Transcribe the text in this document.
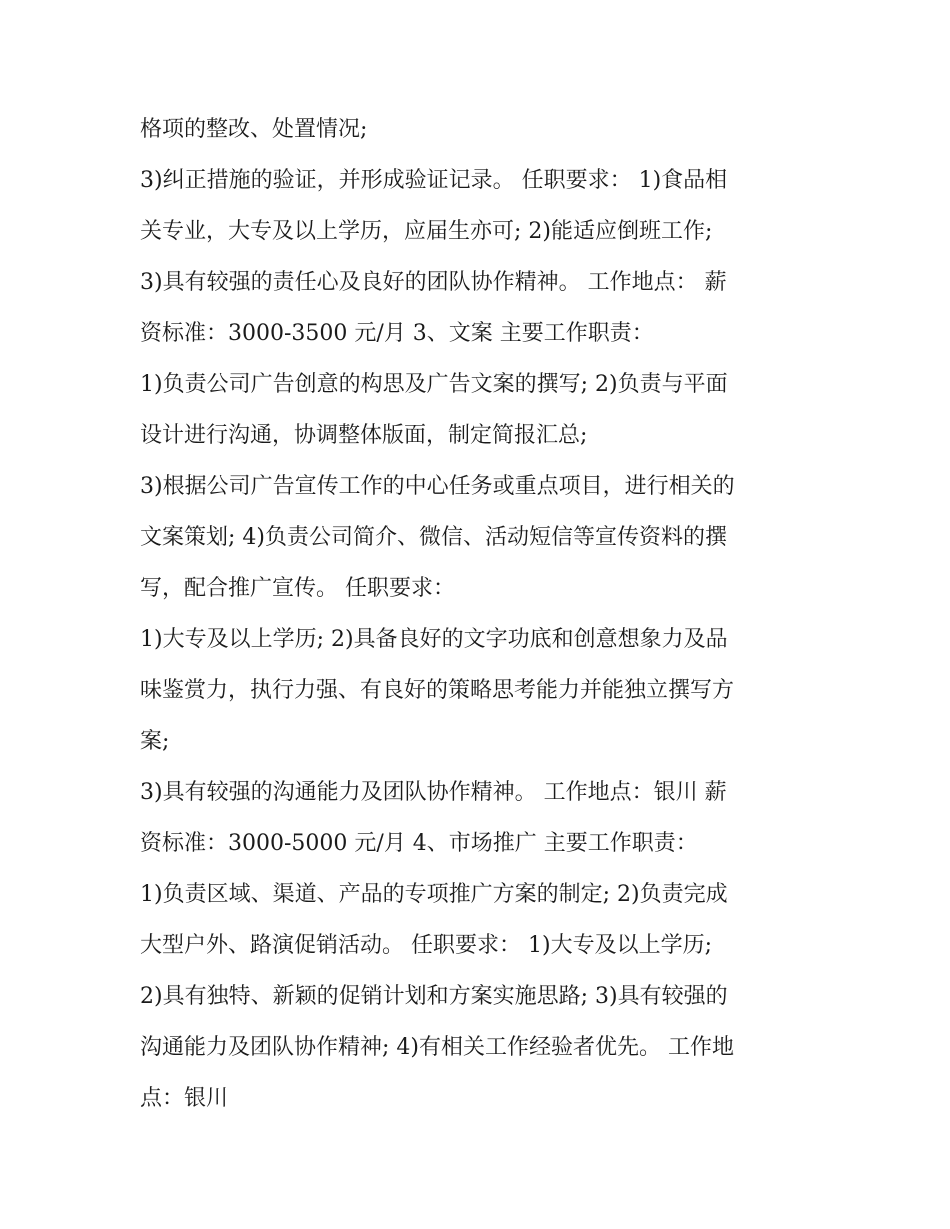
格项的整改、处置情况;
3)纠正措施的验证，并形成验证记录。 任职要求： 1)食品相
关专业，大专及以上学历，应届生亦可; 2)能适应倒班工作;
3)具有较强的责任心及良好的团队协作精神。 工作地点： 薪
资标准：3000-3500 元/月 3、文案 主要工作职责：
1)负责公司广告创意的构思及广告文案的撰写; 2)负责与平面
设计进行沟通，协调整体版面，制定简报汇总;
3)根据公司广告宣传工作的中心任务或重点项目，进行相关的
文案策划; 4)负责公司简介、微信、活动短信等宣传资料的撰
写，配合推广宣传。 任职要求：
1)大专及以上学历; 2)具备良好的文字功底和创意想象力及品
味鉴赏力，执行力强、有良好的策略思考能力并能独立撰写方
案;
3)具有较强的沟通能力及团队协作精神。 工作地点：银川 薪
资标准：3000-5000 元/月 4、市场推广 主要工作职责：
1)负责区域、渠道、产品的专项推广方案的制定; 2)负责完成
大型户外、路演促销活动。 任职要求： 1)大专及以上学历;
2)具有独特、新颖的促销计划和方案实施思路; 3)具有较强的
沟通能力及团队协作精神; 4)有相关工作经验者优先。 工作地
点：银川
